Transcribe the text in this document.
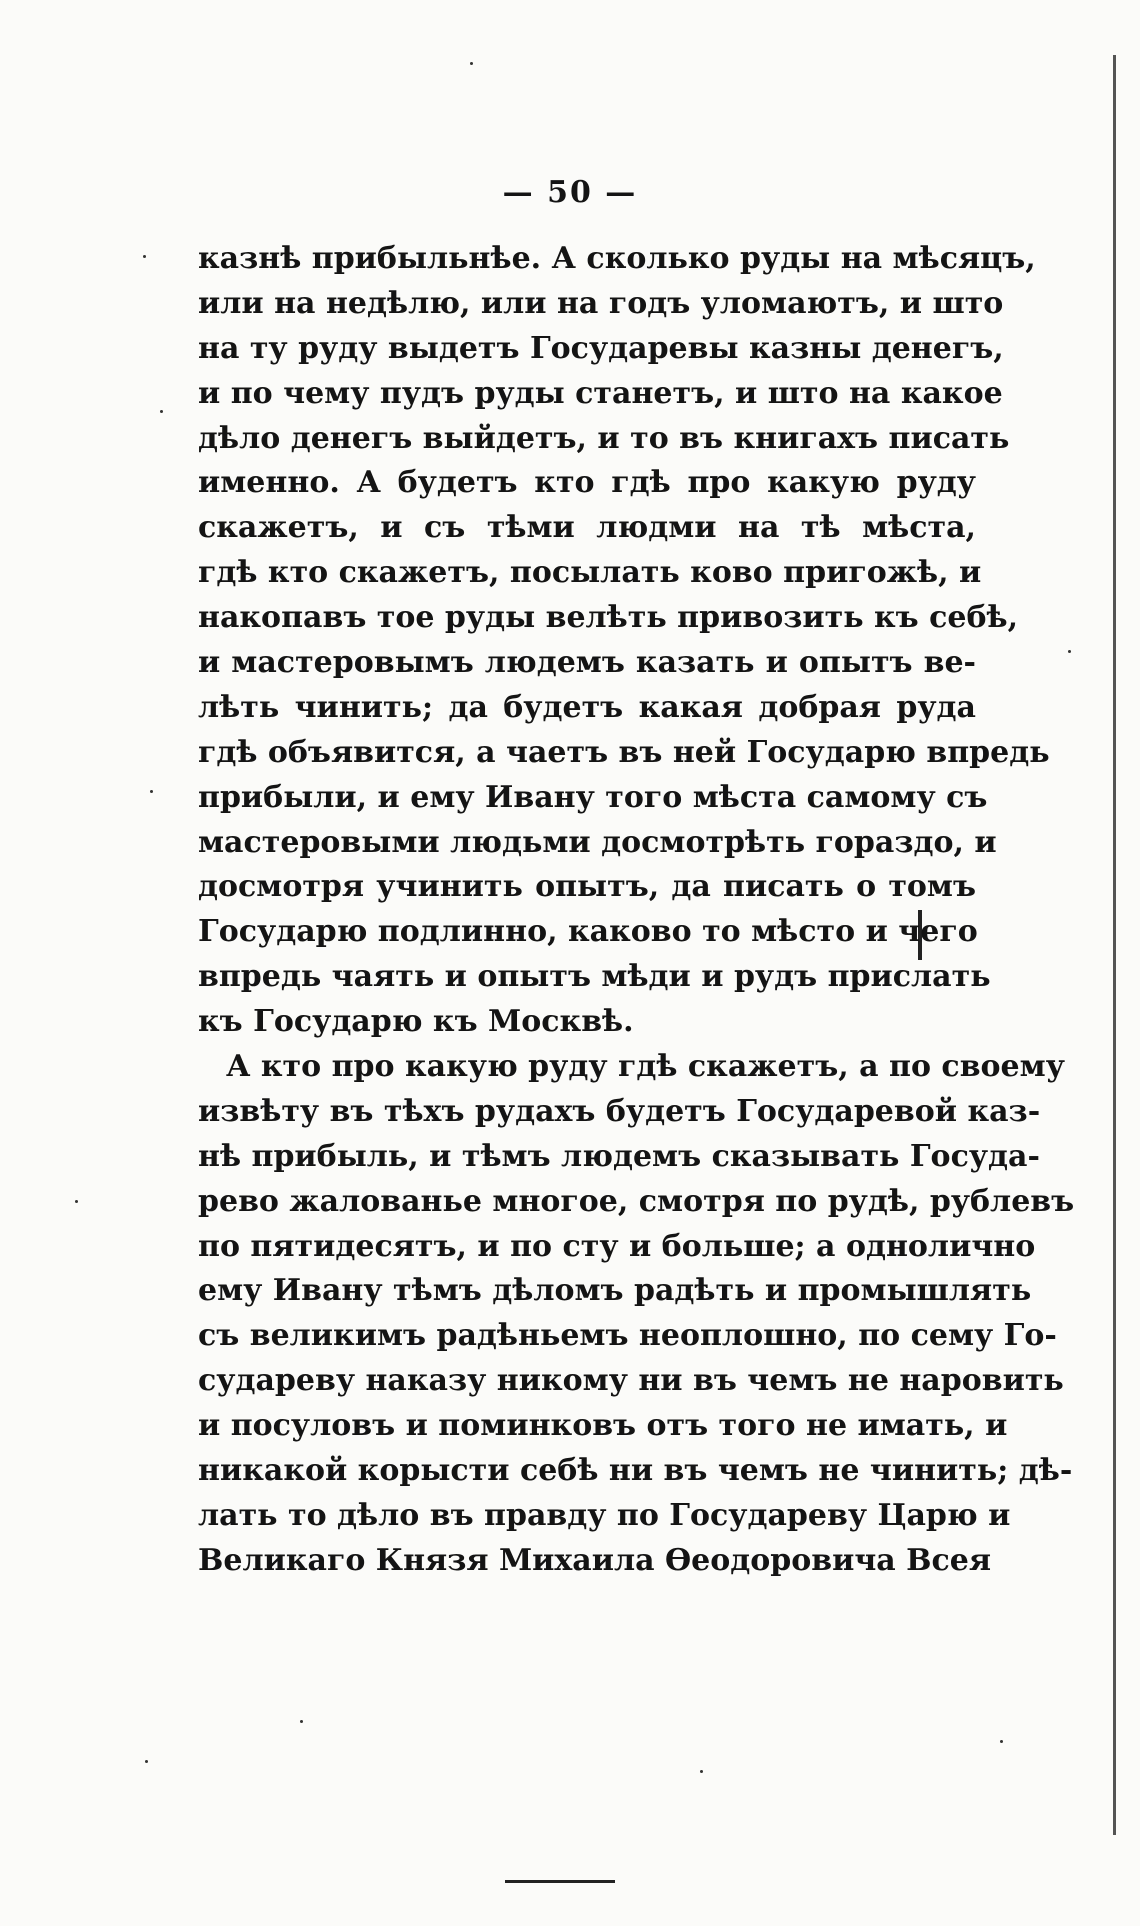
— 50 —
казнѣ прибыльнѣе. А сколько руды на мѣсяцъ,
или на недѣлю, или на годъ уломаютъ, и што
на ту руду выдетъ Государевы казны денегъ,
и по чему пудъ руды станетъ, и што на какое
дѣло денегъ выйдетъ, и то въ книгахъ писать
именно. А будетъ кто гдѣ про какую руду
скажетъ, и съ тѣми людми на тѣ мѣста,
гдѣ кто скажетъ, посылать ково пригожѣ, и
накопавъ тое руды велѣть привозить къ себѣ,
и мастеровымъ людемъ казать и опытъ ве-
лѣть чинить; да будетъ какая добрая руда
гдѣ объявится, а чаетъ въ ней Государю впредь
прибыли, и ему Ивану того мѣста самому съ
мастеровыми людьми досмотрѣть гораздо, и
досмотря учинить опытъ, да писать о томъ
Государю подлинно, каково то мѣсто и чего
впредь чаять и опытъ мѣди и рудъ прислать
къ Государю къ Москвѣ.
А кто про какую руду гдѣ скажетъ, а по своему
извѣту въ тѣхъ рудахъ будетъ Государевой каз-
нѣ прибыль, и тѣмъ людемъ сказывать Госуда-
рево жалованье многое, смотря по рудѣ, рублевъ
по пятидесятъ, и по сту и больше; а одноличнo
ему Ивану тѣмъ дѣломъ радѣть и промышлять
съ великимъ радѣньемъ неоплошно, по сему Го-
судареву наказу никому ни въ чемъ не наровить
и посуловъ и поминковъ отъ того не имать, и
никакой корысти себѣ ни въ чемъ не чинить; дѣ-
лать то дѣло въ правду по Государеву Царю и
Великаго Князя Михаила Өеодоровича Всея
